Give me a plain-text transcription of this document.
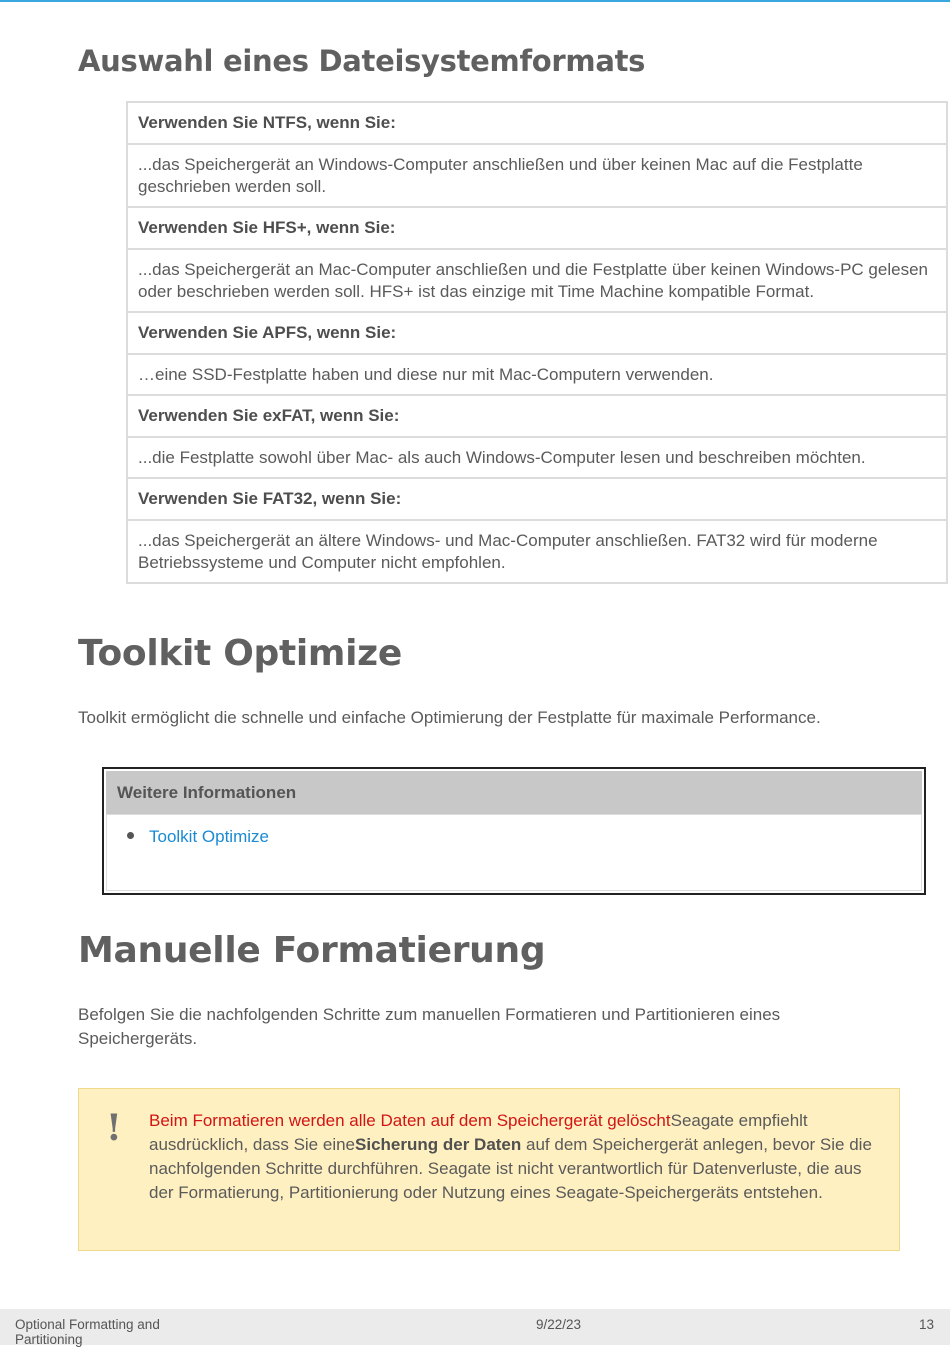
Auswahl eines Dateisystemformats
Verwenden Sie NTFS, wenn Sie:
...das Speichergerät an Windows-Computer anschließen und über keinen Mac auf die Festplatte geschrieben werden soll.
Verwenden Sie HFS+, wenn Sie:
...das Speichergerät an Mac-Computer anschließen und die Festplatte über keinen Windows-PC gelesen oder beschrieben werden soll. HFS+ ist das einzige mit Time Machine kompatible Format.
Verwenden Sie APFS, wenn Sie:
…eine SSD-Festplatte haben und diese nur mit Mac-Computern verwenden.
Verwenden Sie exFAT, wenn Sie:
...die Festplatte sowohl über Mac- als auch Windows-Computer lesen und beschreiben möchten.
Verwenden Sie FAT32, wenn Sie:
...das Speichergerät an ältere Windows- und Mac-Computer anschließen. FAT32 wird für moderne Betriebssysteme und Computer nicht empfohlen.
Toolkit Optimize

Toolkit ermöglicht die schnelle und einfache Optimierung der Festplatte für maximale Performance.

Weitere Informationen
Toolkit Optimize
Manuelle Formatierung

Befolgen Sie die nachfolgenden Schritte zum manuellen Formatieren und Partitionieren eines Speichergeräts.

! Beim Formatieren werden alle Daten auf dem Speichergerät gelöschtSeagate empfiehlt ausdrücklich, dass Sie eineSicherung der Daten auf dem Speichergerät anlegen, bevor Sie die nachfolgenden Schritte durchführen. Seagate ist nicht verantwortlich für Datenverluste, die aus der Formatierung, Partitionierung oder Nutzung eines Seagate-Speichergeräts entstehen.
Optional Formatting and Partitioning
9/22/23	13
